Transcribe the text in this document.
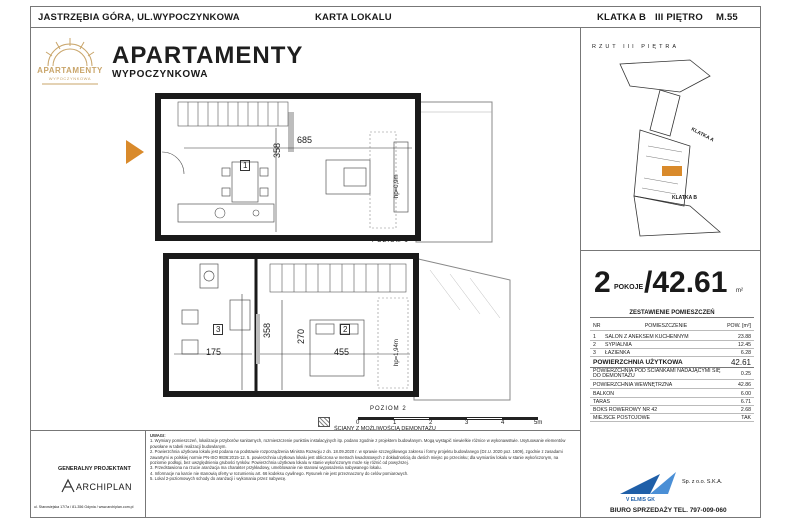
JASTRZĘBIA GÓRA, UL.WYPOCZYNKOWA	KARTA LOKALU	KLATKA B III PIĘTRO M.55
APARTAMENTY
WYPOCZYNKOWA
APARTAMENTY
WYPOCZYNKOWA
685
358
1
hp=0,9m
POZIOM 1
358	270
175	455
2
3
hp=1,94m
POZIOM 2
0	1	2	3	4	5m
ŚCIANY Z MOŻLIWOŚCIĄ DEMONTAŻU
RZUT III PIĘTRA
KLATKA A
KLATKA B
2 POKOJE /42.61 m²
ZESTAWIENIE POMIESZCZEŃ
NR	POMIESZCZENIE	POW. [m²]
1	SALON Z ANEKSEM KUCHENNYM	23.88
2	SYPIALNIA	12.45
3	ŁAZIENKA	6.28
POWIERZCHNIA UŻYTKOWA	42.61
POWIERZCHNIA POD ŚCIANKAMI NADAJĄCYMI SIĘ DO DEMONTAŻU	0.25
POWIERZCHNIA WEWNĘTRZNA	42.86
BALKON	6.00
TARAS	6.71
BOKS ROWEROWY NR 42	2.68
MIEJSCE POSTOJOWE	TAK
UWAGI:
1. Wymiary pomieszczeń, lokalizacje przyborów sanitarnych, rozmieszczenie punktów instalacyjnych itp. podano zgodnie z projektem budowlanym. Mogą wystąpić niewielkie różnice w wykonawstwie. Usytuowanie elementów powołane w tabeli realizacji budowlanym.
2. Powierzchnia użytkowa lokalu jest podana na podstawie rozporządzenia Ministra Rozwoju z dn. 18.09.2020 r. w sprawie szczegółowego zakresu i formy projektu budowlanego (Dz.U. 2020 poz. 1609), zgodnie z zasadami zawartymi w polskiej normie PN-ISO 9836:2015-12. 5. powierzchnia użytkowa lokalu jest obliczona w metrach kwadratowych z dokładnością do dwóch miejsc po przecinku; dla wymiarów lokalu w stanie wykończonym, na poziomie podłogi, bez uwzględnienia grubości tynków. Powierzchnia użytkowa lokalu w stanie wykończonym może się różnić od powyższej.
3. Przedstawiona na rzucie aranżacja ma charakter przykładowy, umeblowanie nie stanowi wyposażenia nabywanego lokalu.
4. Informacje na karcie nie stanowią oferty w rozumieniu art. 66 kodeksu cywilnego. Rysunek nie jest przeznaczony do celów pomiarowych.
5. Lokal 2-poziomowych schody do aranżacji i wykonania przez nabywcę.
GENERALNY PROJEKTANT
ARCHIPLAN
ul. Starowiejska 17/7a / 81-356 Gdynia / www.archiplan.com.pl
V ELMIS GK
Sp. z o.o. S.K.A.
BIURO SPRZEDAŻY TEL. 797-009-060
